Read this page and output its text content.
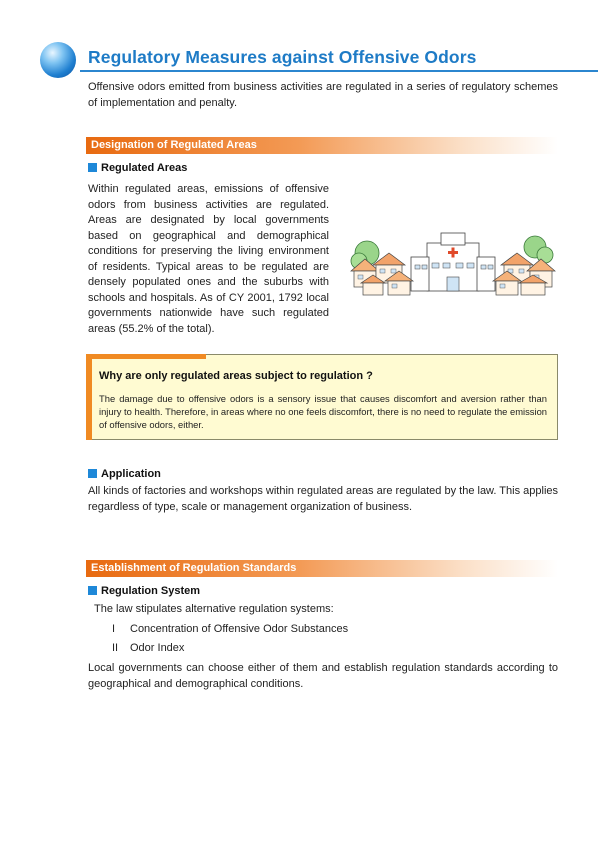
Regulatory Measures against Offensive Odors
Offensive odors emitted from business activities are regulated in a series of regulatory schemes of implementation and penalty.
Designation of Regulated Areas
Regulated Areas
Within regulated areas, emissions of offensive odors from business activities are regulated. Areas are designated by local governments based on geographical and demographical conditions for preserving the living environment of residents. Typical areas to be regulated are densely populated ones and the suburbs with schools and hospitals. As of CY 2001, 1792 local governments nationwide have such regulated areas (55.2% of the total).
Why are only regulated areas subject to regulation ?
The damage due to offensive odors is a sensory issue that causes discomfort and aversion rather than injury to health. Therefore, in areas where no one feels discomfort, there is no need to regulate the emission of offensive odors, either.
Application
All kinds of factories and workshops within regulated areas are regulated by the law. This applies regardless of type, scale or management organization of business.
Establishment of Regulation Standards
Regulation System
The law stipulates alternative regulation systems:
I	Concentration of Offensive Odor Substances
II	Odor Index
Local governments can choose either of them and establish regulation standards according to geographical and demographical conditions.
